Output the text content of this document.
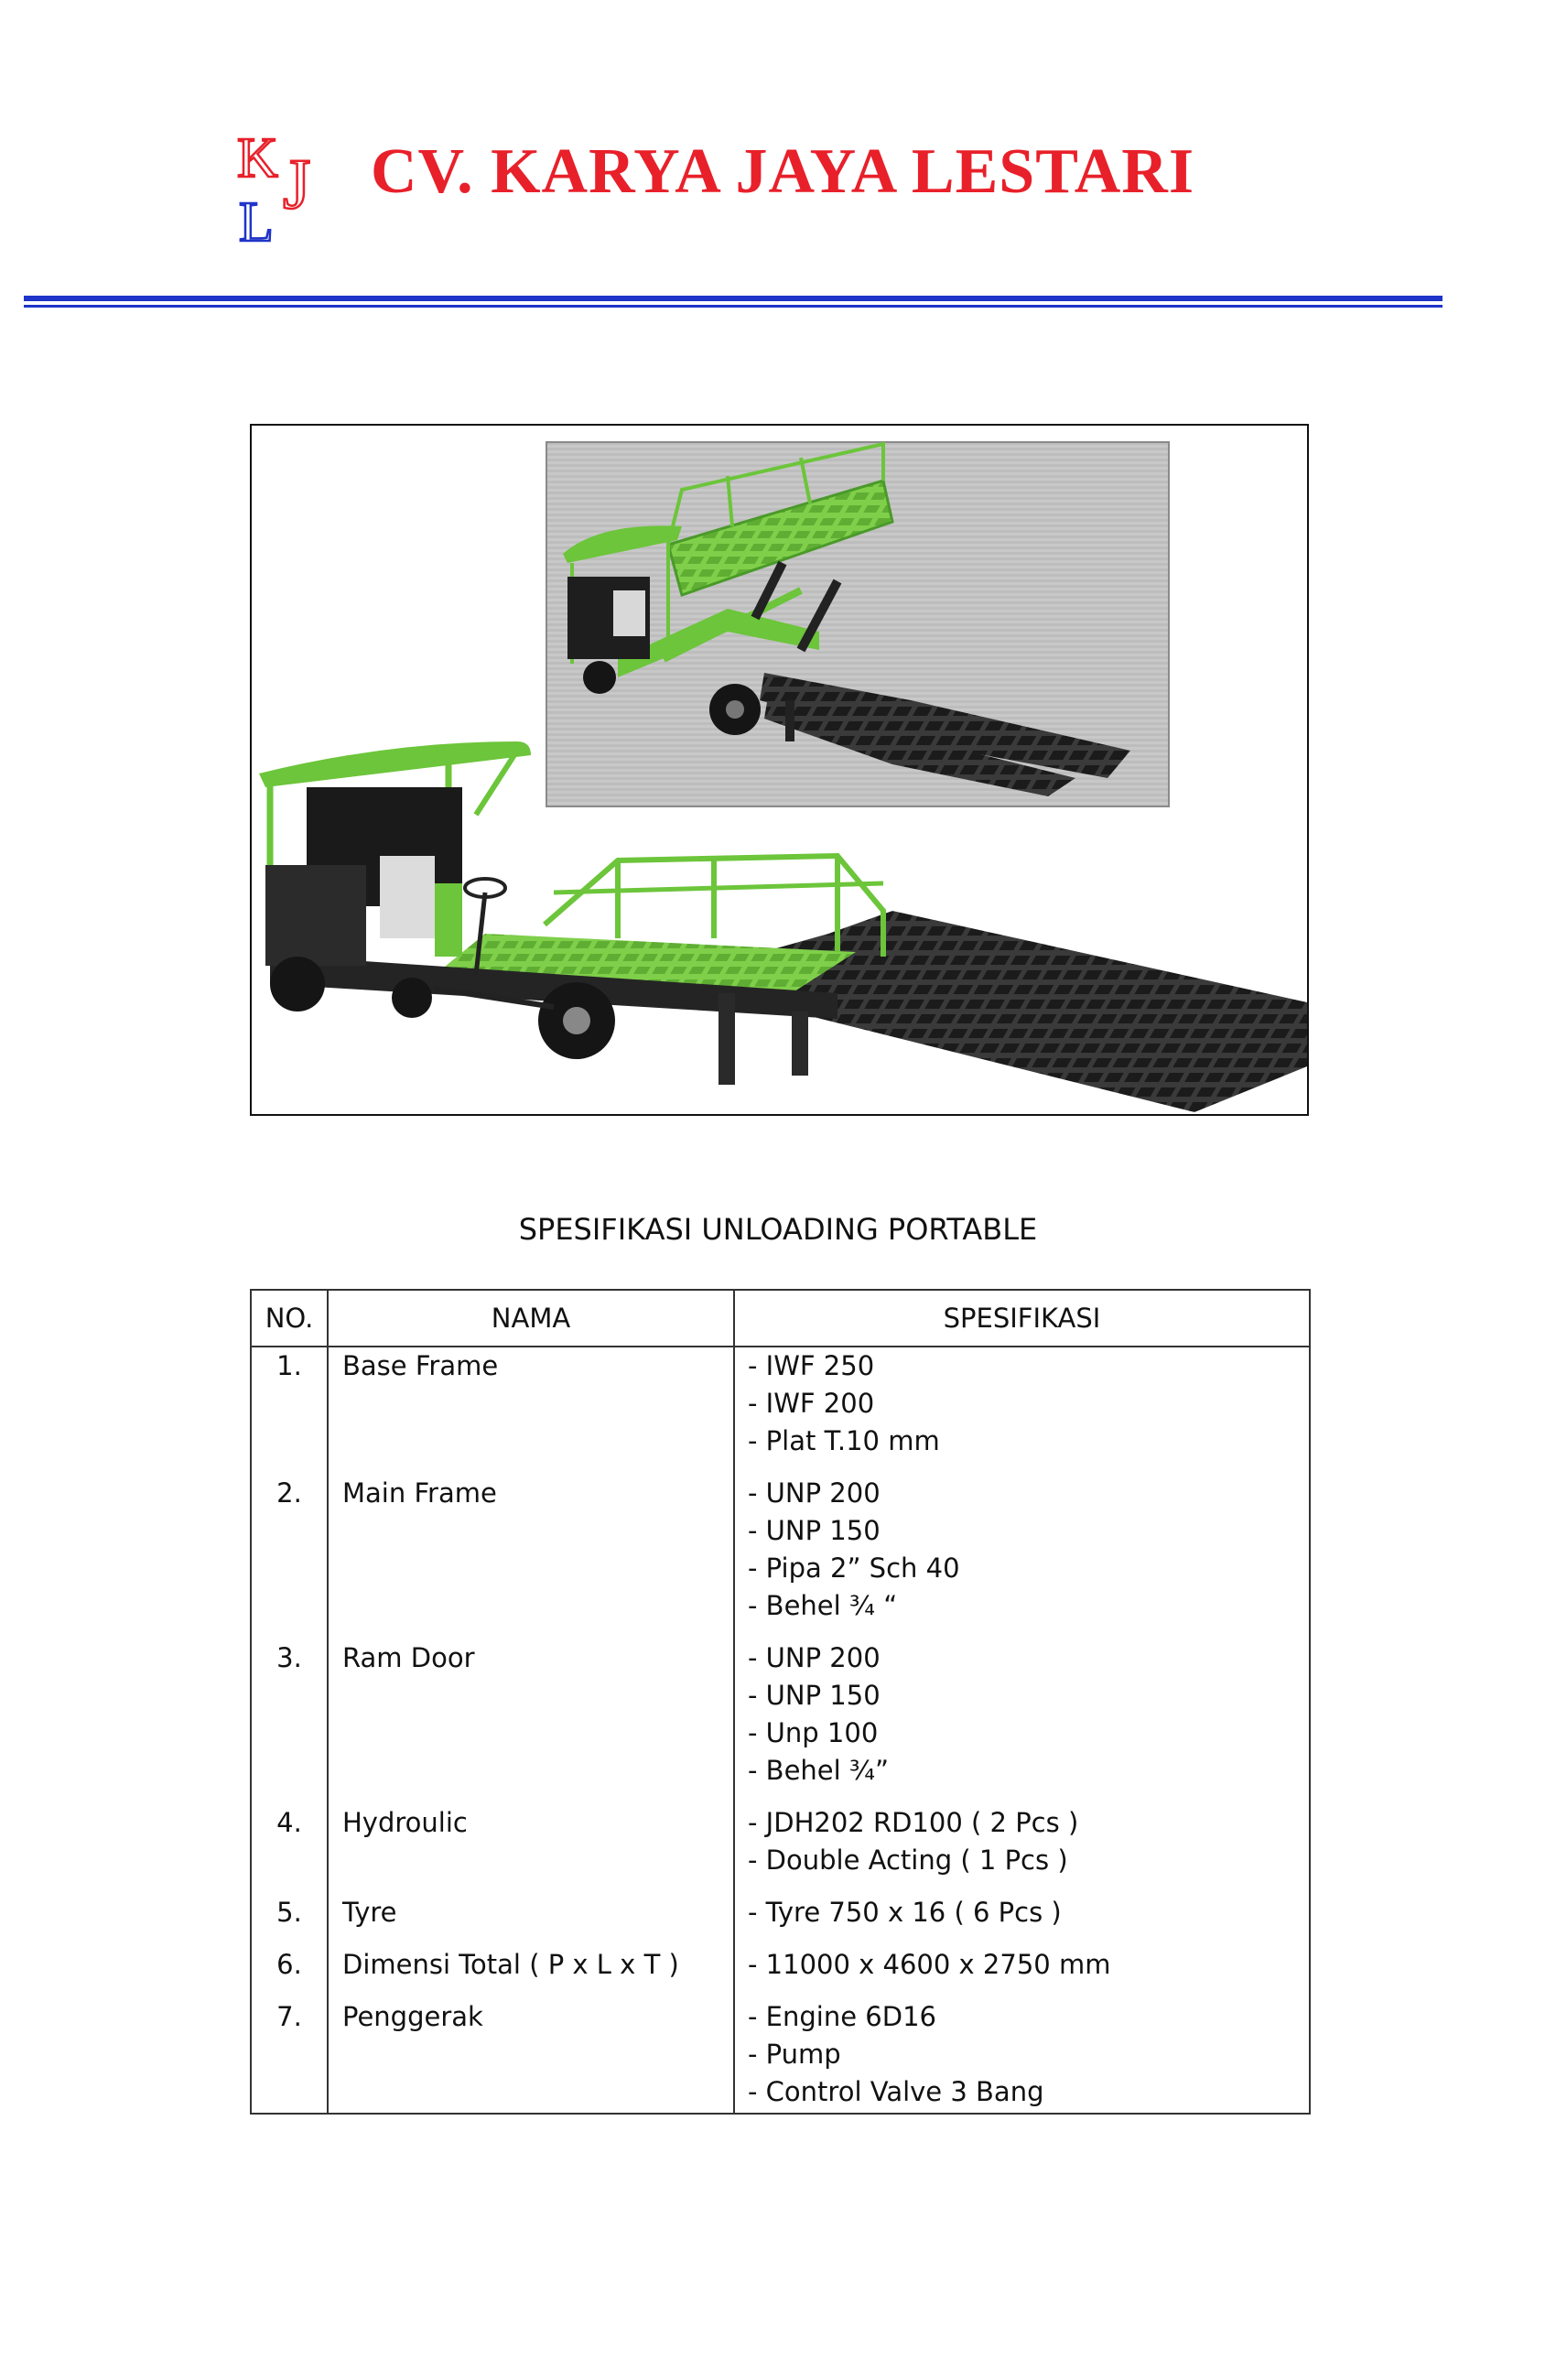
K J
L
CV. KARYA JAYA LESTARI
SPESIFIKASI UNLOADING PORTABLE
NO.	NAMA	SPESIFIKASI
1.	Base Frame	- IWF 250
- IWF 200
- Plat T.10 mm

2.	Main Frame	- UNP 200
- UNP 150
- Pipa 2” Sch 40
- Behel ¾ “

3.	Ram Door	- UNP 200
- UNP 150
- Unp 100
- Behel ¾”

4.	Hydroulic	- JDH202 RD100 ( 2 Pcs )
- Double Acting ( 1 Pcs )

5.	Tyre	- Tyre 750 x 16 ( 6 Pcs )

6.	Dimensi Total ( P x L x T )	- 11000 x 4600 x 2750 mm

7.	Penggerak	- Engine 6D16
- Pump
- Control Valve 3 Bang
